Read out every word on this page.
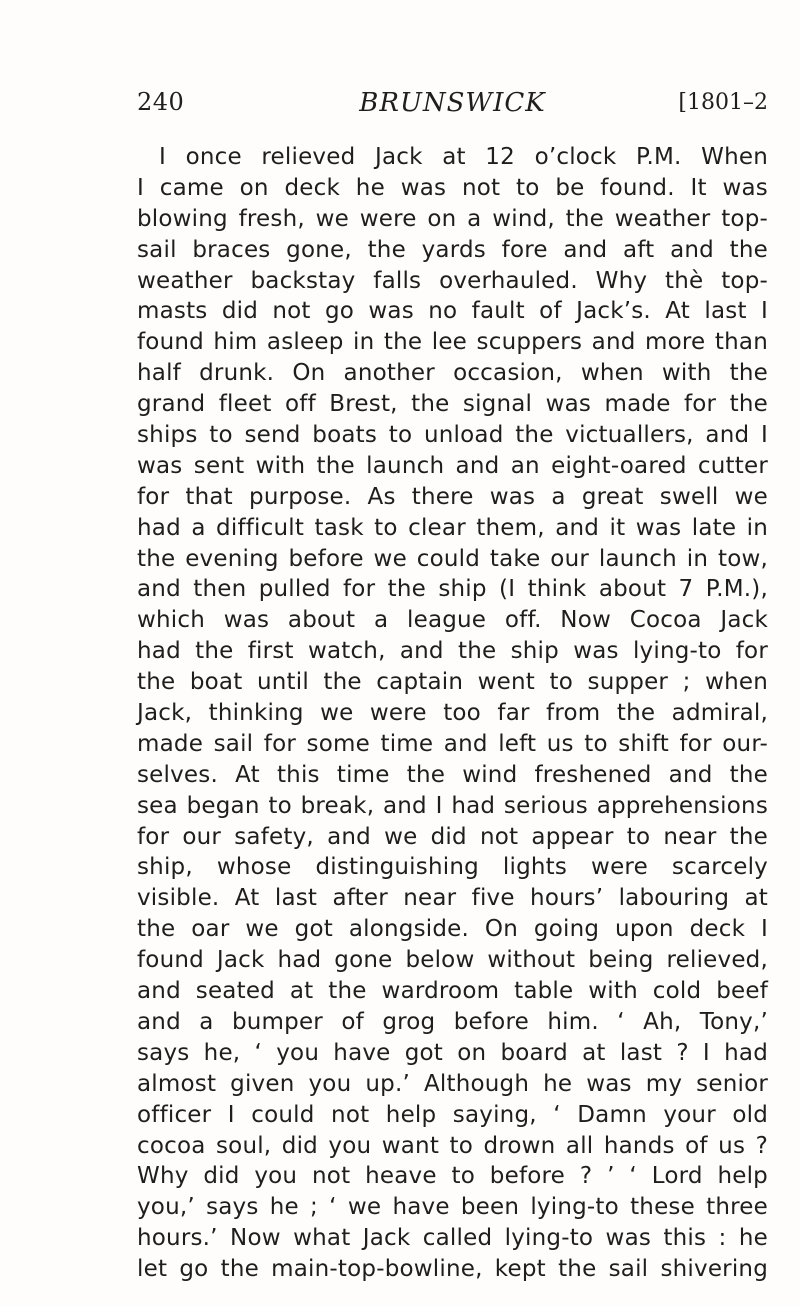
240	BRUNSWICK	[1801–2
I once relieved Jack at 12 o’clock P.M. When
I came on deck he was not to be found. It was
blowing fresh, we were on a wind, the weather top-
sail braces gone, the yards fore and aft and the
weather backstay falls overhauled. Why thè top-
masts did not go was no fault of Jack’s. At last I
found him asleep in the lee scuppers and more than
half drunk. On another occasion, when with the
grand fleet off Brest, the signal was made for the
ships to send boats to unload the victuallers, and I
was sent with the launch and an eight-oared cutter
for that purpose. As there was a great swell we
had a difficult task to clear them, and it was late in
the evening before we could take our launch in tow,
and then pulled for the ship (I think about 7 P.M.),
which was about a league off. Now Cocoa Jack
had the first watch, and the ship was lying-to for
the boat until the captain went to supper ; when
Jack, thinking we were too far from the admiral,
made sail for some time and left us to shift for our-
selves. At this time the wind freshened and the
sea began to break, and I had serious apprehensions
for our safety, and we did not appear to near the
ship, whose distinguishing lights were scarcely
visible. At last after near five hours’ labouring at
the oar we got alongside. On going upon deck I
found Jack had gone below without being relieved,
and seated at the wardroom table with cold beef
and a bumper of grog before him. ‘ Ah, Tony,’
says he, ‘ you have got on board at last ? I had
almost given you up.’ Although he was my senior
officer I could not help saying, ‘ Damn your old
cocoa soul, did you want to drown all hands of us ?
Why did you not heave to before ? ’ ‘ Lord help
you,’ says he ; ‘ we have been lying-to these three
hours.’ Now what Jack called lying-to was this : he
let go the main-top-bowline, kept the sail shivering
